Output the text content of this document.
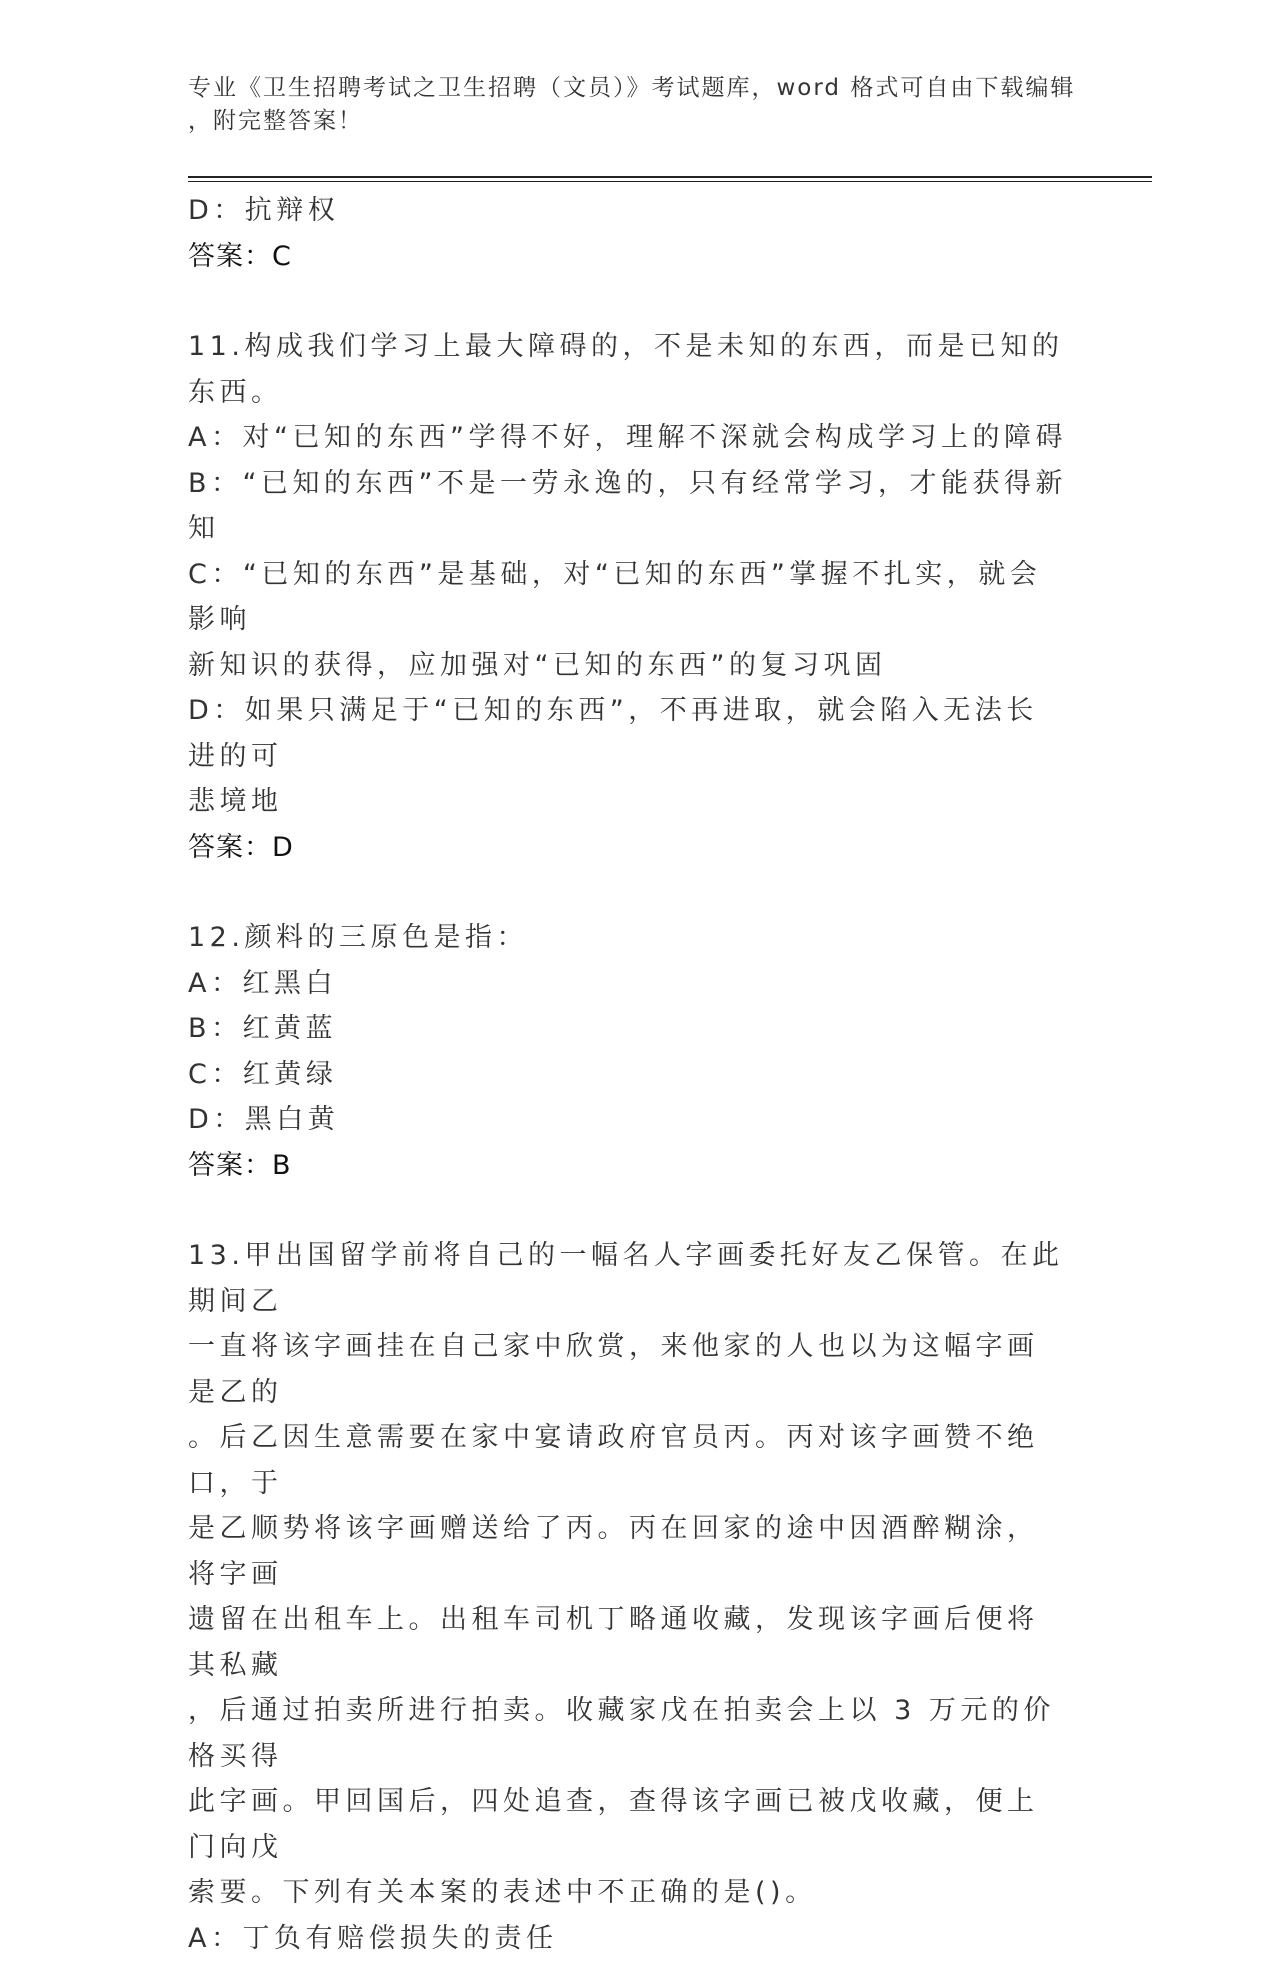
专业《卫生招聘考试之卫生招聘（文员）》考试题库，word 格式可自由下载编辑
，附完整答案！
D：抗辩权
答案：C
11.构成我们学习上最大障碍的，不是未知的东西，而是已知的东西。
A：对“已知的东西”学得不好，理解不深就会构成学习上的障碍
B：“已知的东西”不是一劳永逸的，只有经常学习，才能获得新知
C：“已知的东西”是基础，对“已知的东西”掌握不扎实，就会影响
新知识的获得，应加强对“已知的东西”的复习巩固
D：如果只满足于“已知的东西”，不再进取，就会陷入无法长进的可
悲境地
答案：D
12.颜料的三原色是指：
A：红黑白
B：红黄蓝
C：红黄绿
D：黑白黄
答案：B
13.甲出国留学前将自己的一幅名人字画委托好友乙保管。在此期间乙
一直将该字画挂在自己家中欣赏，来他家的人也以为这幅字画是乙的
。后乙因生意需要在家中宴请政府官员丙。丙对该字画赞不绝口，于
是乙顺势将该字画赠送给了丙。丙在回家的途中因酒醉糊涂，将字画
遗留在出租车上。出租车司机丁略通收藏，发现该字画后便将其私藏
，后通过拍卖所进行拍卖。收藏家戊在拍卖会上以 3 万元的价格买得
此字画。甲回国后，四处追查，查得该字画已被戊收藏，便上门向戊
索要。下列有关本案的表述中不正确的是()。
A：丁负有赔偿损失的责任
